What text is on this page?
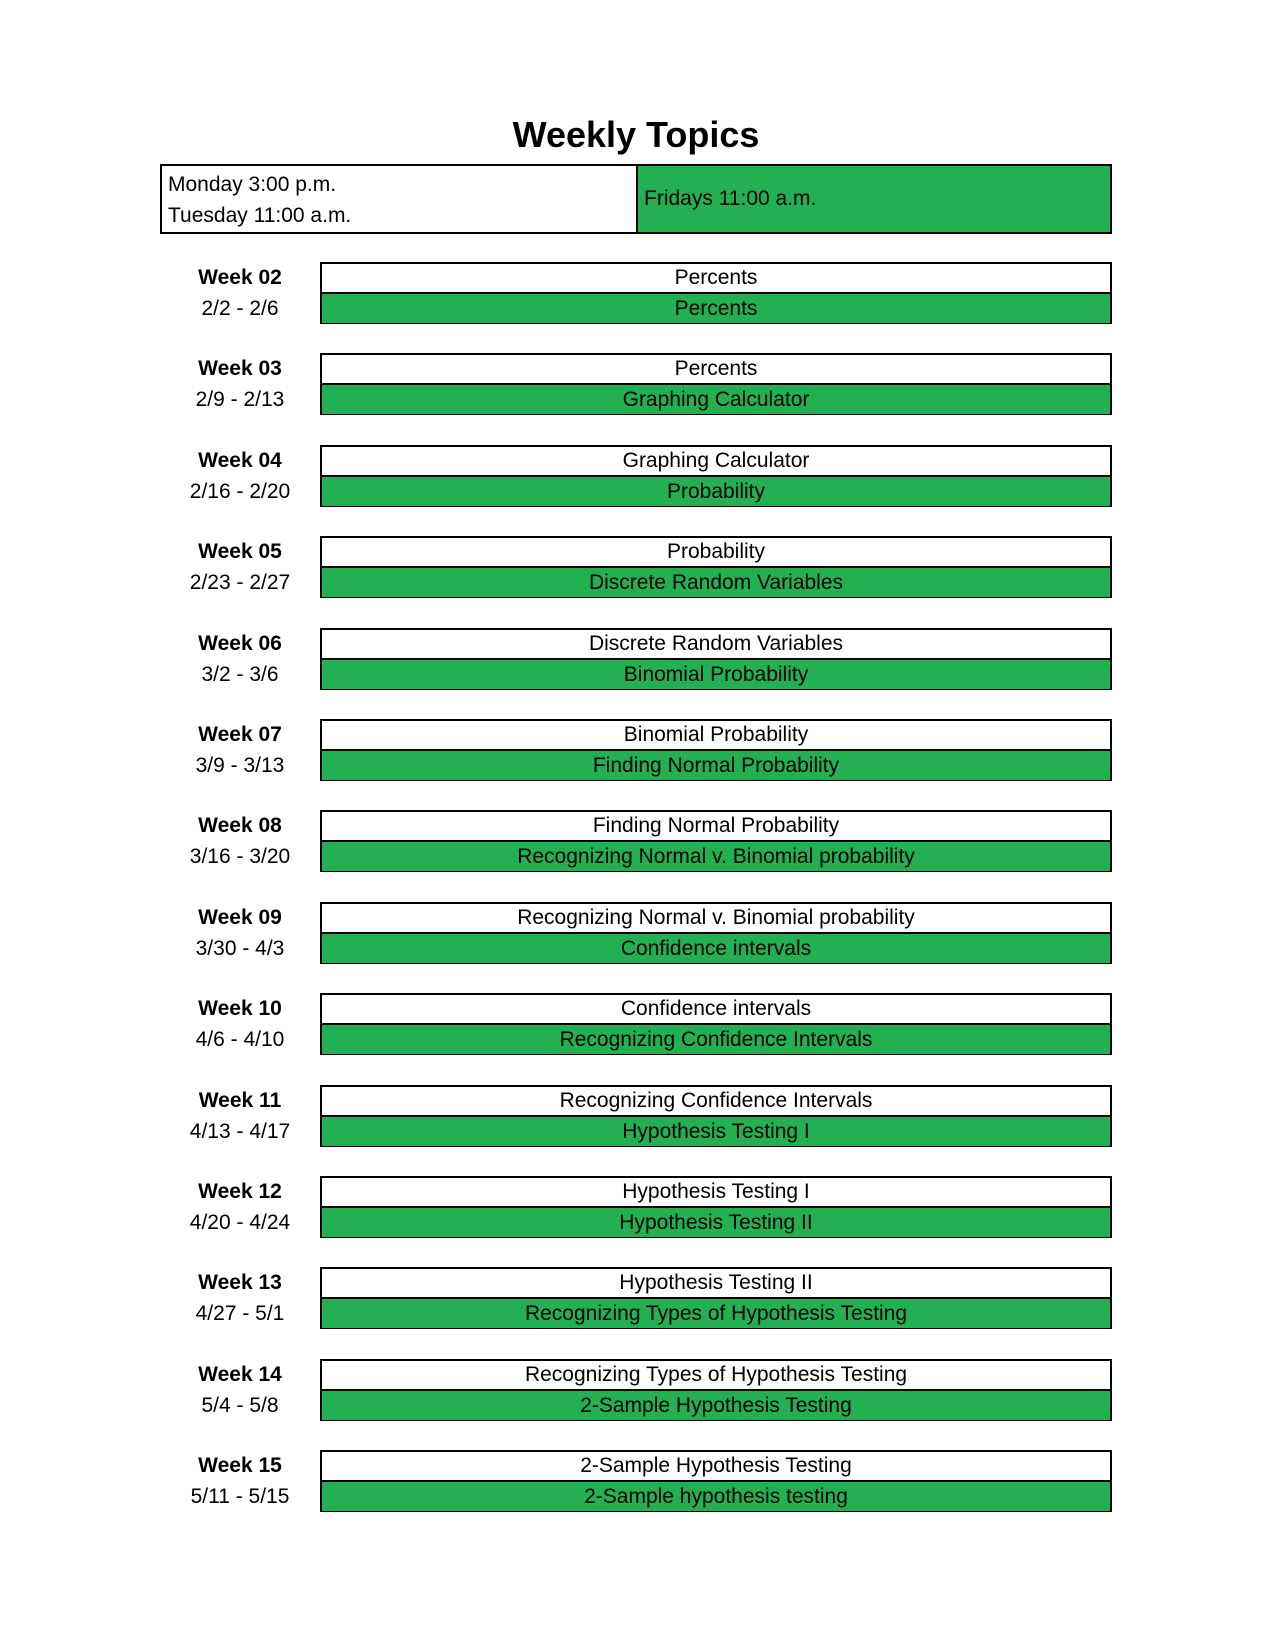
Weekly Topics
Monday 3:00 p.m.
Tuesday 11:00 a.m.
Fridays 11:00 a.m.
Week 02
2/2 - 2/6
Percents
Percents
Week 03
2/9 - 2/13
Percents
Graphing Calculator
Week 04
2/16 - 2/20
Graphing Calculator
Probability
Week 05
2/23 - 2/27
Probability
Discrete Random Variables
Week 06
3/2 - 3/6
Discrete Random Variables
Binomial Probability
Week 07
3/9 - 3/13
Binomial Probability
Finding Normal Probability
Week 08
3/16 - 3/20
Finding Normal Probability
Recognizing Normal v. Binomial probability
Week 09
3/30 - 4/3
Recognizing Normal v. Binomial probability
Confidence intervals
Week 10
4/6 - 4/10
Confidence intervals
Recognizing Confidence Intervals
Week 11
4/13 - 4/17
Recognizing Confidence Intervals
Hypothesis Testing I
Week 12
4/20 - 4/24
Hypothesis Testing I
Hypothesis Testing II
Week 13
4/27 - 5/1
Hypothesis Testing II
Recognizing Types of Hypothesis Testing
Week 14
5/4 - 5/8
Recognizing Types of Hypothesis Testing
2-Sample Hypothesis Testing
Week 15
5/11 - 5/15
2-Sample Hypothesis Testing
2-Sample hypothesis testing
